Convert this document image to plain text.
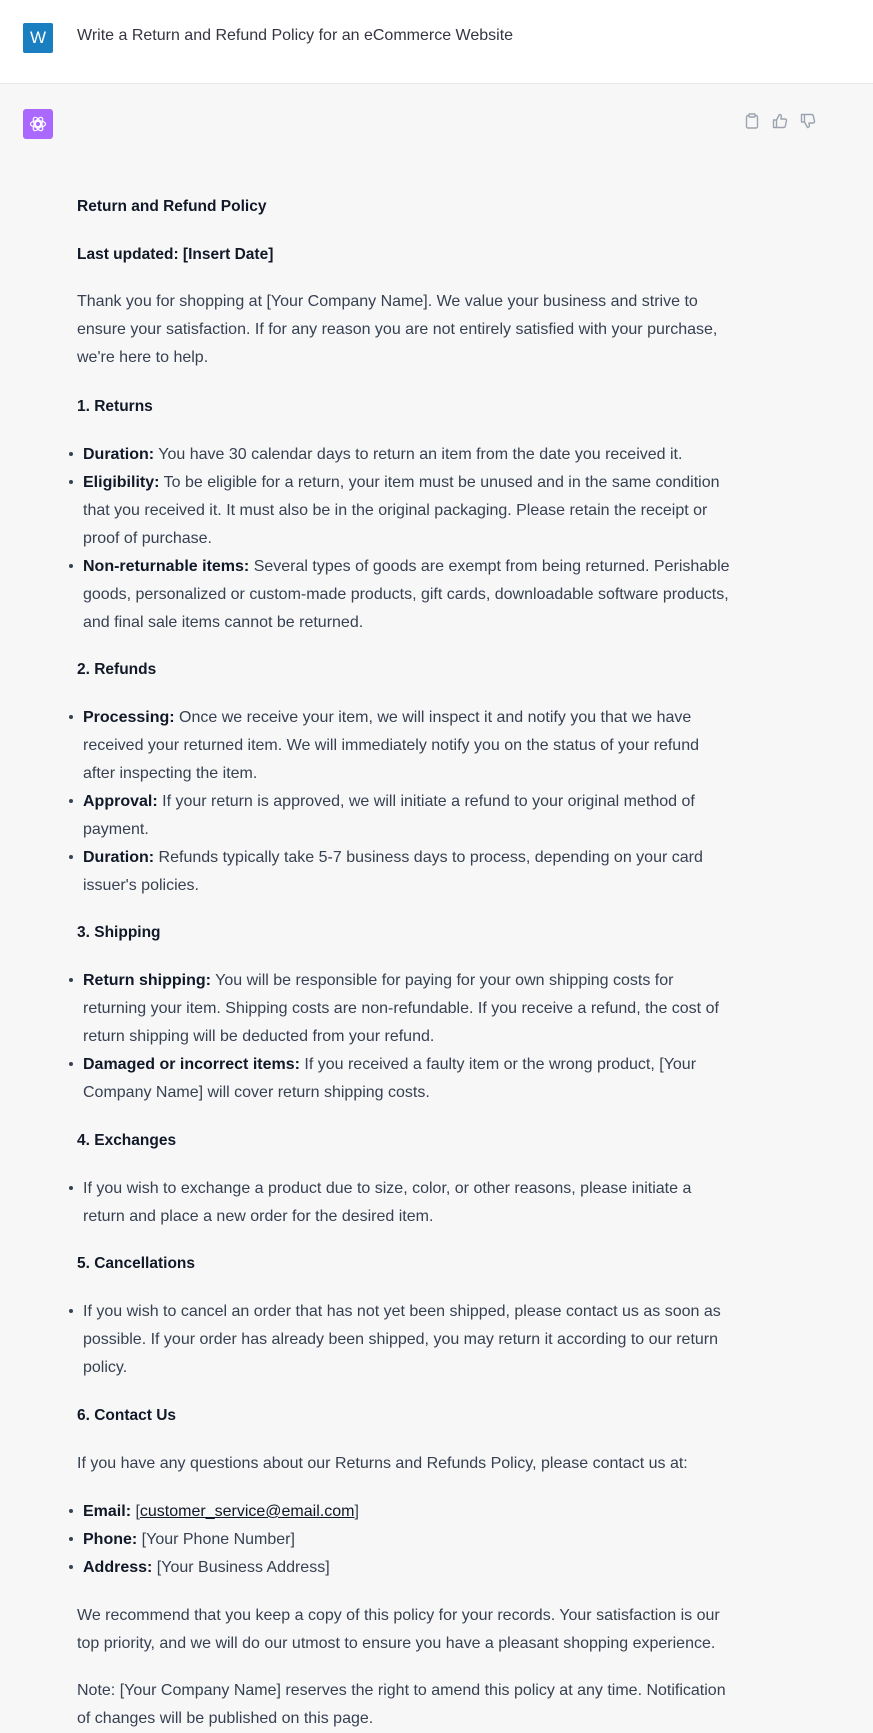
W Write a Return and Refund Policy for an eCommerce Website
Return and Refund Policy
Last updated: [Insert Date]
Thank you for shopping at [Your Company Name]. We value your business and strive to ensure your satisfaction. If for any reason you are not entirely satisfied with your purchase, we're here to help.
1. Returns
Duration: You have 30 calendar days to return an item from the date you received it.
Eligibility: To be eligible for a return, your item must be unused and in the same condition that you received it. It must also be in the original packaging. Please retain the receipt or proof of purchase.
Non-returnable items: Several types of goods are exempt from being returned. Perishable goods, personalized or custom-made products, gift cards, downloadable software products, and final sale items cannot be returned.
2. Refunds
Processing: Once we receive your item, we will inspect it and notify you that we have received your returned item. We will immediately notify you on the status of your refund after inspecting the item.
Approval: If your return is approved, we will initiate a refund to your original method of payment.
Duration: Refunds typically take 5-7 business days to process, depending on your card issuer's policies.
3. Shipping
Return shipping: You will be responsible for paying for your own shipping costs for returning your item. Shipping costs are non-refundable. If you receive a refund, the cost of return shipping will be deducted from your refund.
Damaged or incorrect items: If you received a faulty item or the wrong product, [Your Company Name] will cover return shipping costs.
4. Exchanges
If you wish to exchange a product due to size, color, or other reasons, please initiate a return and place a new order for the desired item.
5. Cancellations
If you wish to cancel an order that has not yet been shipped, please contact us as soon as possible. If your order has already been shipped, you may return it according to our return policy.
6. Contact Us
If you have any questions about our Returns and Refunds Policy, please contact us at:
Email: [customer_service@email.com]
Phone: [Your Phone Number]
Address: [Your Business Address]
We recommend that you keep a copy of this policy for your records. Your satisfaction is our top priority, and we will do our utmost to ensure you have a pleasant shopping experience.
Note: [Your Company Name] reserves the right to amend this policy at any time. Notification of changes will be published on this page.
